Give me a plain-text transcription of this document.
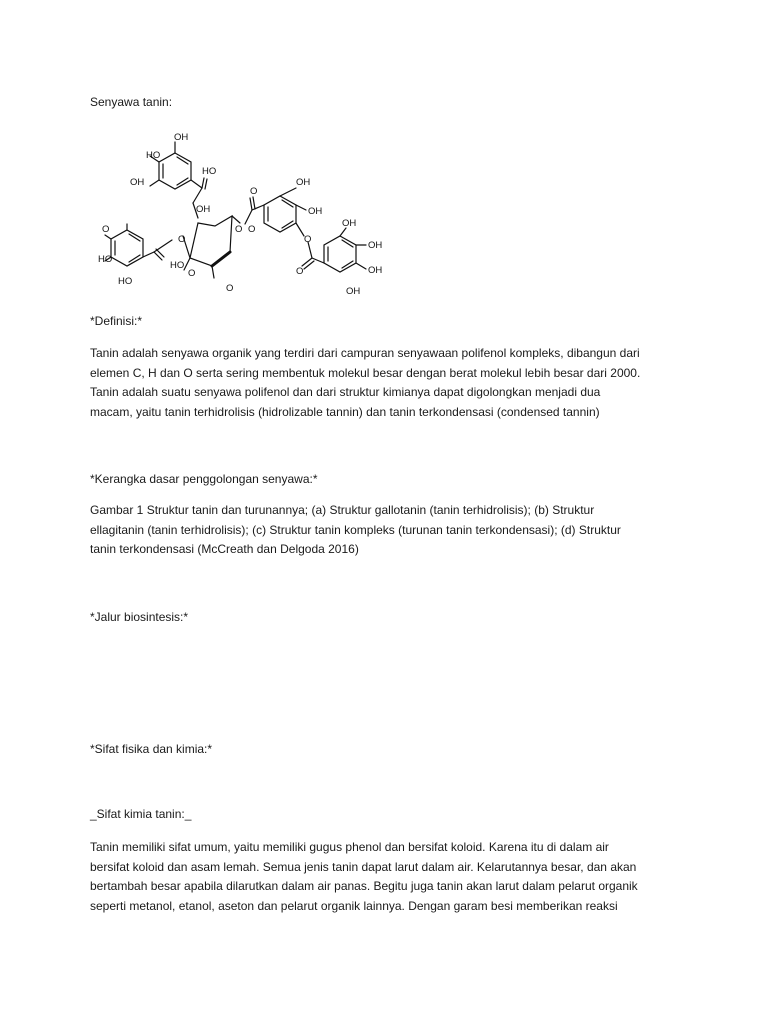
Senyawa tanin:

OH
HO
OH
HO
OH
O
O
O
O
O
HO
HO
HO
O
O
OH
OH
O
O
OH
OH
OH
OH

*Definisi:*

Tanin adalah senyawa organik yang terdiri dari campuran senyawaan polifenol kompleks, dibangun dari
elemen C, H dan O serta sering membentuk molekul besar dengan berat molekul lebih besar dari 2000.
Tanin adalah suatu senyawa polifenol dan dari struktur kimianya dapat digolongkan menjadi dua
macam, yaitu tanin terhidrolisis (hidrolizable tannin) dan tanin terkondensasi (condensed tannin)

*Kerangka dasar penggolongan senyawa:*

Gambar 1 Struktur tanin dan turunannya; (a) Struktur gallotanin (tanin terhidrolisis); (b) Struktur
ellagitanin (tanin terhidrolisis); (c) Struktur tanin kompleks (turunan tanin terkondensasi); (d) Struktur
tanin terkondensasi (McCreath dan Delgoda 2016)

*Jalur biosintesis:*

*Sifat fisika dan kimia:*

_Sifat kimia tanin:_

Tanin memiliki sifat umum, yaitu memiliki gugus phenol dan bersifat koloid. Karena itu di dalam air
bersifat koloid dan asam lemah. Semua jenis tanin dapat larut dalam air. Kelarutannya besar, dan akan
bertambah besar apabila dilarutkan dalam air panas. Begitu juga tanin akan larut dalam pelarut organik
seperti metanol, etanol, aseton dan pelarut organik lainnya. Dengan garam besi memberikan reaksi
